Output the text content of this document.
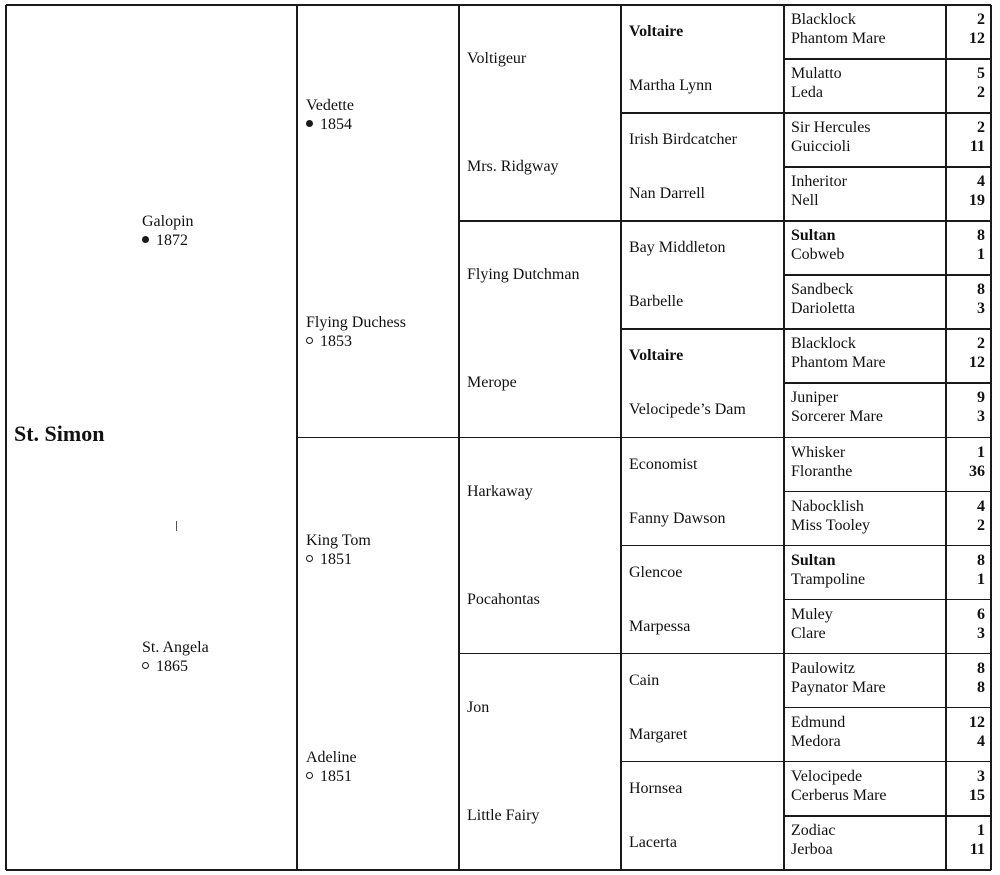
St. Simon
Galopin
1872
St. Angela
1865
Vedette
1854
Flying Duchess
1853
King Tom
1851
Adeline
1851
Voltigeur
Mrs. Ridgway
Flying Dutchman
Merope
Harkaway
Pocahontas
Jon
Little Fairy
Voltaire
Martha Lynn
Irish Birdcatcher
Nan Darrell
Bay Middleton
Barbelle
Voltaire
Velocipede’s Dam
Economist
Fanny Dawson
Glencoe
Marpessa
Cain
Margaret
Hornsea
Lacerta
Blacklock
Phantom Mare
2
12
Mulatto
Leda
5
2
Sir Hercules
Guiccioli
2
11
Inheritor
Nell
4
19
Sultan
Cobweb
8
1
Sandbeck
Darioletta
8
3
Blacklock
Phantom Mare
2
12
Juniper
Sorcerer Mare
9
3
Whisker
Floranthe
1
36
Nabocklish
Miss Tooley
4
2
Sultan
Trampoline
8
1
Muley
Clare
6
3
Paulowitz
Paynator Mare
8
8
Edmund
Medora
12
4
Velocipede
Cerberus Mare
3
15
Zodiac
Jerboa
1
11
